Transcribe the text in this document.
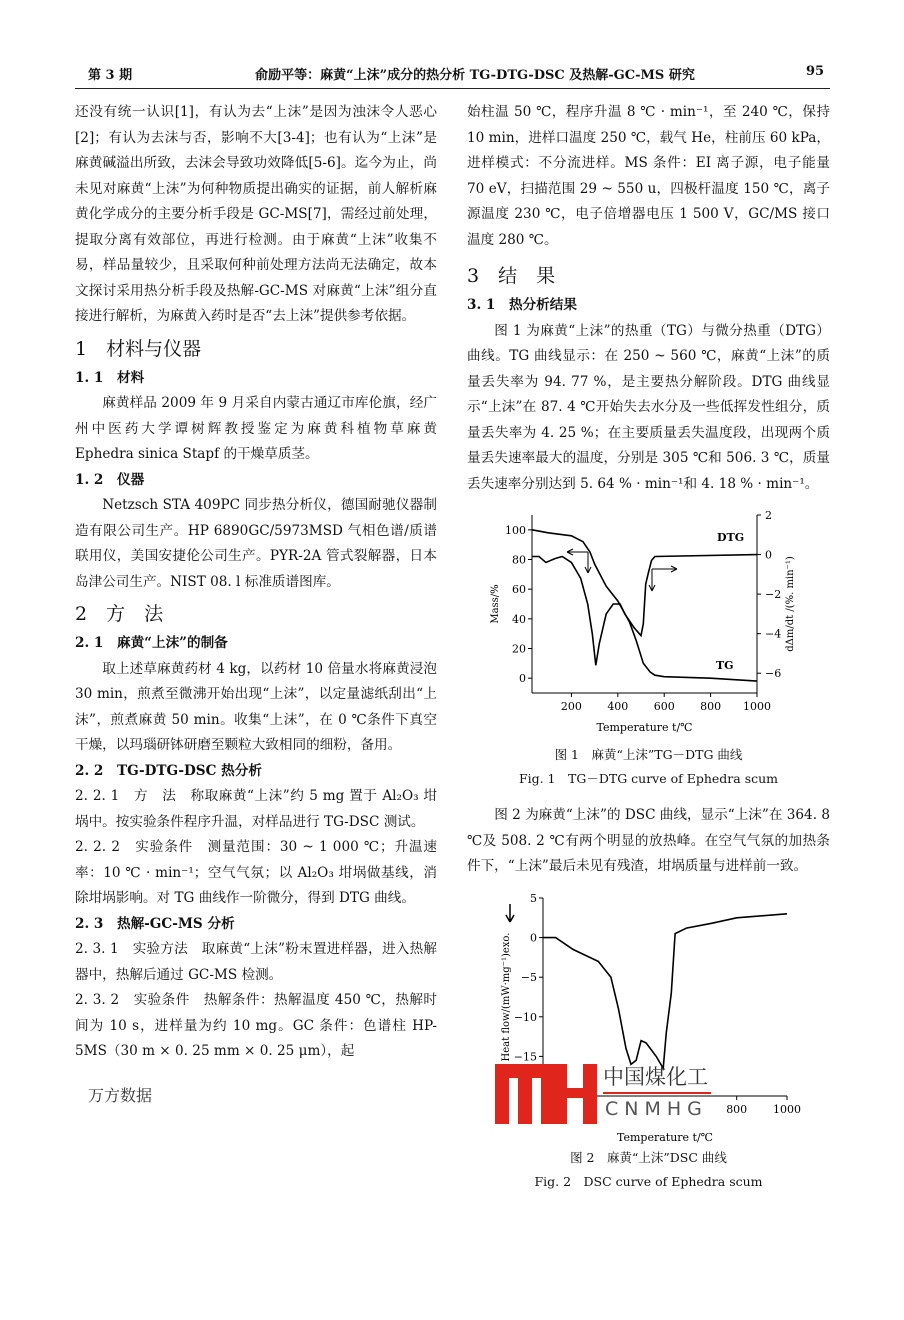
第 3 期	俞励平等：麻黄“上沫”成分的热分析 TG-DTG-DSC 及热解-GC-MS 研究	95

还没有统一认识[1]，有认为去“上沫”是因为浊沫令人恶心[2]；有认为去沫与否，影响不大[3-4]；也有认为“上沫”是麻黄碱溢出所致，去沫会导致功效降低[5-6]。迄今为止，尚未见对麻黄“上沫”为何种物质提出确实的证据，前人解析麻黄化学成分的主要分析手段是 GC-MS[7]，需经过前处理，提取分离有效部位，再进行检测。由于麻黄“上沫”收集不易，样品量较少，且采取何种前处理方法尚无法确定，故本文探讨采用热分析手段及热解-GC-MS 对麻黄“上沫”组分直接进行解析，为麻黄入药时是否“去上沫”提供参考依据。

1　材料与仪器
1. 1　材料

麻黄样品 2009 年 9 月采自内蒙古通辽市库伦旗，经广州中医药大学谭树辉教授鉴定为麻黄科植物草麻黄 Ephedra sinica Stapf 的干燥草质茎。

1. 2　仪器

Netzsch STA 409PC 同步热分析仪，德国耐驰仪器制造有限公司生产。HP 6890GC/5973MSD 气相色谱/质谱联用仪，美国安捷伦公司生产。PYR-2A 管式裂解器，日本岛津公司生产。NIST 08. l 标准质谱图库。

2　方　法
2. 1　麻黄“上沫”的制备

取上述草麻黄药材 4 kg，以药材 10 倍量水将麻黄浸泡 30 min，煎煮至微沸开始出现“上沫”，以定量滤纸刮出“上沫”，煎煮麻黄 50 min。收集“上沫”，在 0 ℃条件下真空干燥，以玛瑙研钵研磨至颗粒大致相同的细粉，备用。

2. 2　TG-DTG-DSC 热分析

2. 2. 1　方　法　称取麻黄“上沫”约 5 mg 置于 Al₂O₃ 坩埚中。按实验条件程序升温，对样品进行 TG-DSC 测试。

2. 2. 2　实验条件　测量范围：30 ~ 1 000 ℃；升温速率：10 ℃ · min⁻¹；空气气氛；以 Al₂O₃ 坩埚做基线，消除坩埚影响。对 TG 曲线作一阶微分，得到 DTG 曲线。

2. 3　热解-GC-MS 分析

2. 3. 1　实验方法　取麻黄“上沫”粉末置进样器，进入热解器中，热解后通过 GC-MS 检测。

2. 3. 2　实验条件　热解条件：热解温度 450 ℃，热解时间为 10 s，进样量为约 10 mg。GC 条件：色谱柱 HP-5MS（30 m × 0. 25 mm × 0. 25 μm），起

万方数据

始柱温 50 ℃，程序升温 8 ℃ · min⁻¹，至 240 ℃，保持 10 min，进样口温度 250 ℃，载气 He，柱前压 60 kPa，进样模式：不分流进样。MS 条件：EI 离子源，电子能量 70 eV，扫描范围 29 ~ 550 u，四极杆温度 150 ℃，离子源温度 230 ℃，电子倍增器电压 1 500 V，GC/MS 接口温度 280 ℃。

3　结　果
3. 1　热分析结果

图 1 为麻黄“上沫”的热重（TG）与微分热重（DTG）曲线。TG 曲线显示：在 250 ~ 560 ℃，麻黄“上沫”的质量丢失率为 94. 77 %，是主要热分解阶段。DTG 曲线显示“上沫”在 87. 4 ℃开始失去水分及一些低挥发性组分，质量丢失率为 4. 25 %；在主要质量丢失温度段，出现两个质量丢失速率最大的温度，分别是 305 ℃和 506. 3 ℃，质量丢失速率分别达到 5. 64 % · min⁻¹和 4. 18 % · min⁻¹。

200 400 600 800 1000
0
20
40
60
80
100
2
0
−2
−4
−6
Temperature t/℃
Mass/%	dΔm/dt /(%. min⁻¹)
DTG
TG
图 1　麻黄“上沫”TG－DTG 曲线
Fig. 1　TG－DTG curve of Ephedra scum

图 2 为麻黄“上沫”的 DSC 曲线，显示“上沫”在 364. 8 ℃及 508. 2 ℃有两个明显的放热峰。在空气气氛的加热条件下，“上沫”最后未见有残渣，坩埚质量与进样前一致。

800 1000
5
0
−5
−10
−15
Temperature t/℃
Heat flow/(mW·mg⁻¹)exo.
中国煤化工
CNMHG
图 2　麻黄“上沫”DSC 曲线
Fig. 2　DSC curve of Ephedra scum
